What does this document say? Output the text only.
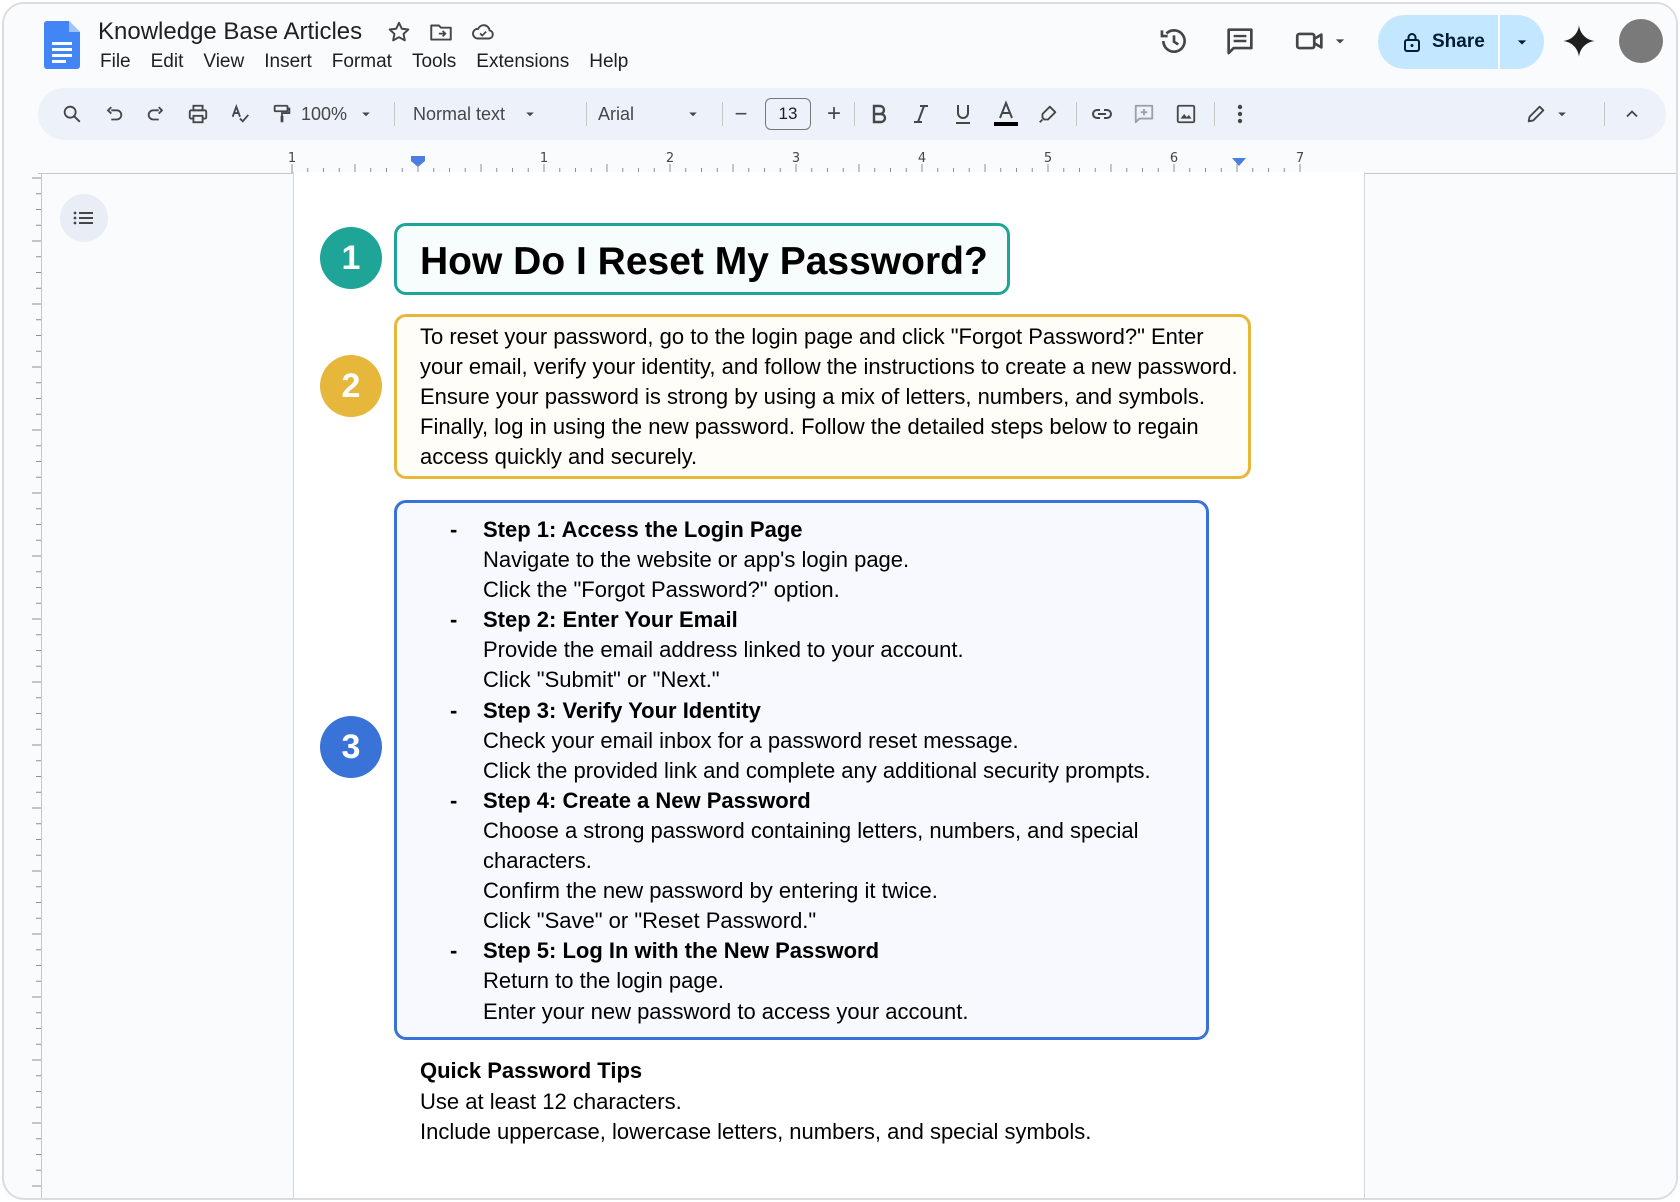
Knowledge Base Articles
File	Edit	View	Insert	Format	Tools	Extensions	Help
Share
100%	Normal text	Arial	−	13	+
1	1	2	3	4	5	6	7
1
2
3
How Do I Reset My Password?
To reset your password, go to the login page and click "Forgot Password?" Enter your email, verify your identity, and follow the instructions to create a new password. Ensure your password is strong by using a mix of letters, numbers, and symbols. Finally, log in using the new password. Follow the detailed steps below to regain access quickly and securely.
- Step 1: Access the Login Page
Navigate to the website or app's login page.
Click the "Forgot Password?" option.
- Step 2: Enter Your Email
Provide the email address linked to your account.
Click "Submit" or "Next."
- Step 3: Verify Your Identity
Check your email inbox for a password reset message.
Click the provided link and complete any additional security prompts.
- Step 4: Create a New Password
Choose a strong password containing letters, numbers, and special characters.
Confirm the new password by entering it twice.
Click "Save" or "Reset Password."
- Step 5: Log In with the New Password
Return to the login page.
Enter your new password to access your account.
Quick Password Tips
Use at least 12 characters.
Include uppercase, lowercase letters, numbers, and special symbols.
